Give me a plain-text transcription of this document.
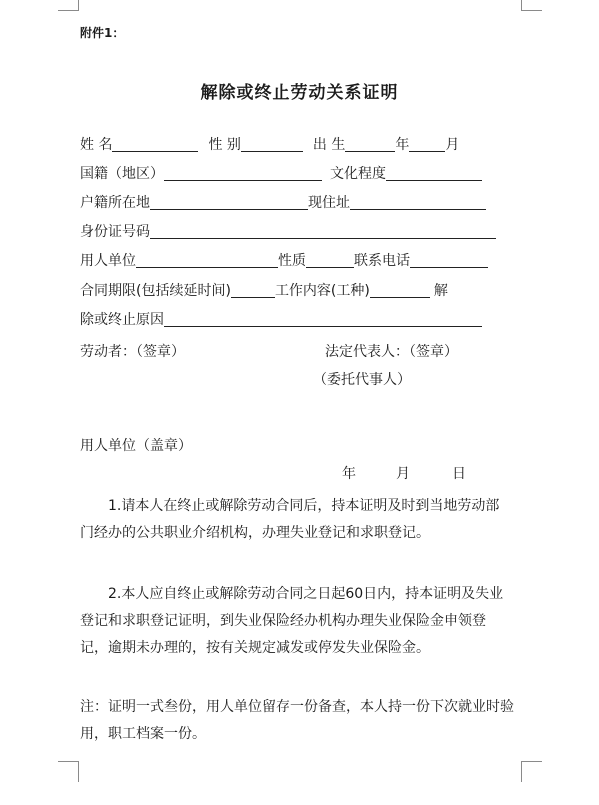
附件1：
解除或终止劳动关系证明
姓 名	性 别	出 生	年	月
国籍（地区）	文化程度
户籍所在地	现住址
身份证号码
用人单位	性质	联系电话
合同期限(包括续延时间)	工作内容(工种)	解
除或终止原因
劳动者：（签章）	法定代表人：（签章）
（委托代事人）
用人单位（盖章）
年	月	日
1.请本人在终止或解除劳动合同后，持本证明及时到当地劳动部门经办的公共职业介绍机构，办理失业登记和求职登记。
2.本人应自终止或解除劳动合同之日起60日内，持本证明及失业登记和求职登记证明，到失业保险经办机构办理失业保险金申领登记，逾期未办理的，按有关规定减发或停发失业保险金。
注：证明一式叁份，用人单位留存一份备查，本人持一份下次就业时验用，职工档案一份。
